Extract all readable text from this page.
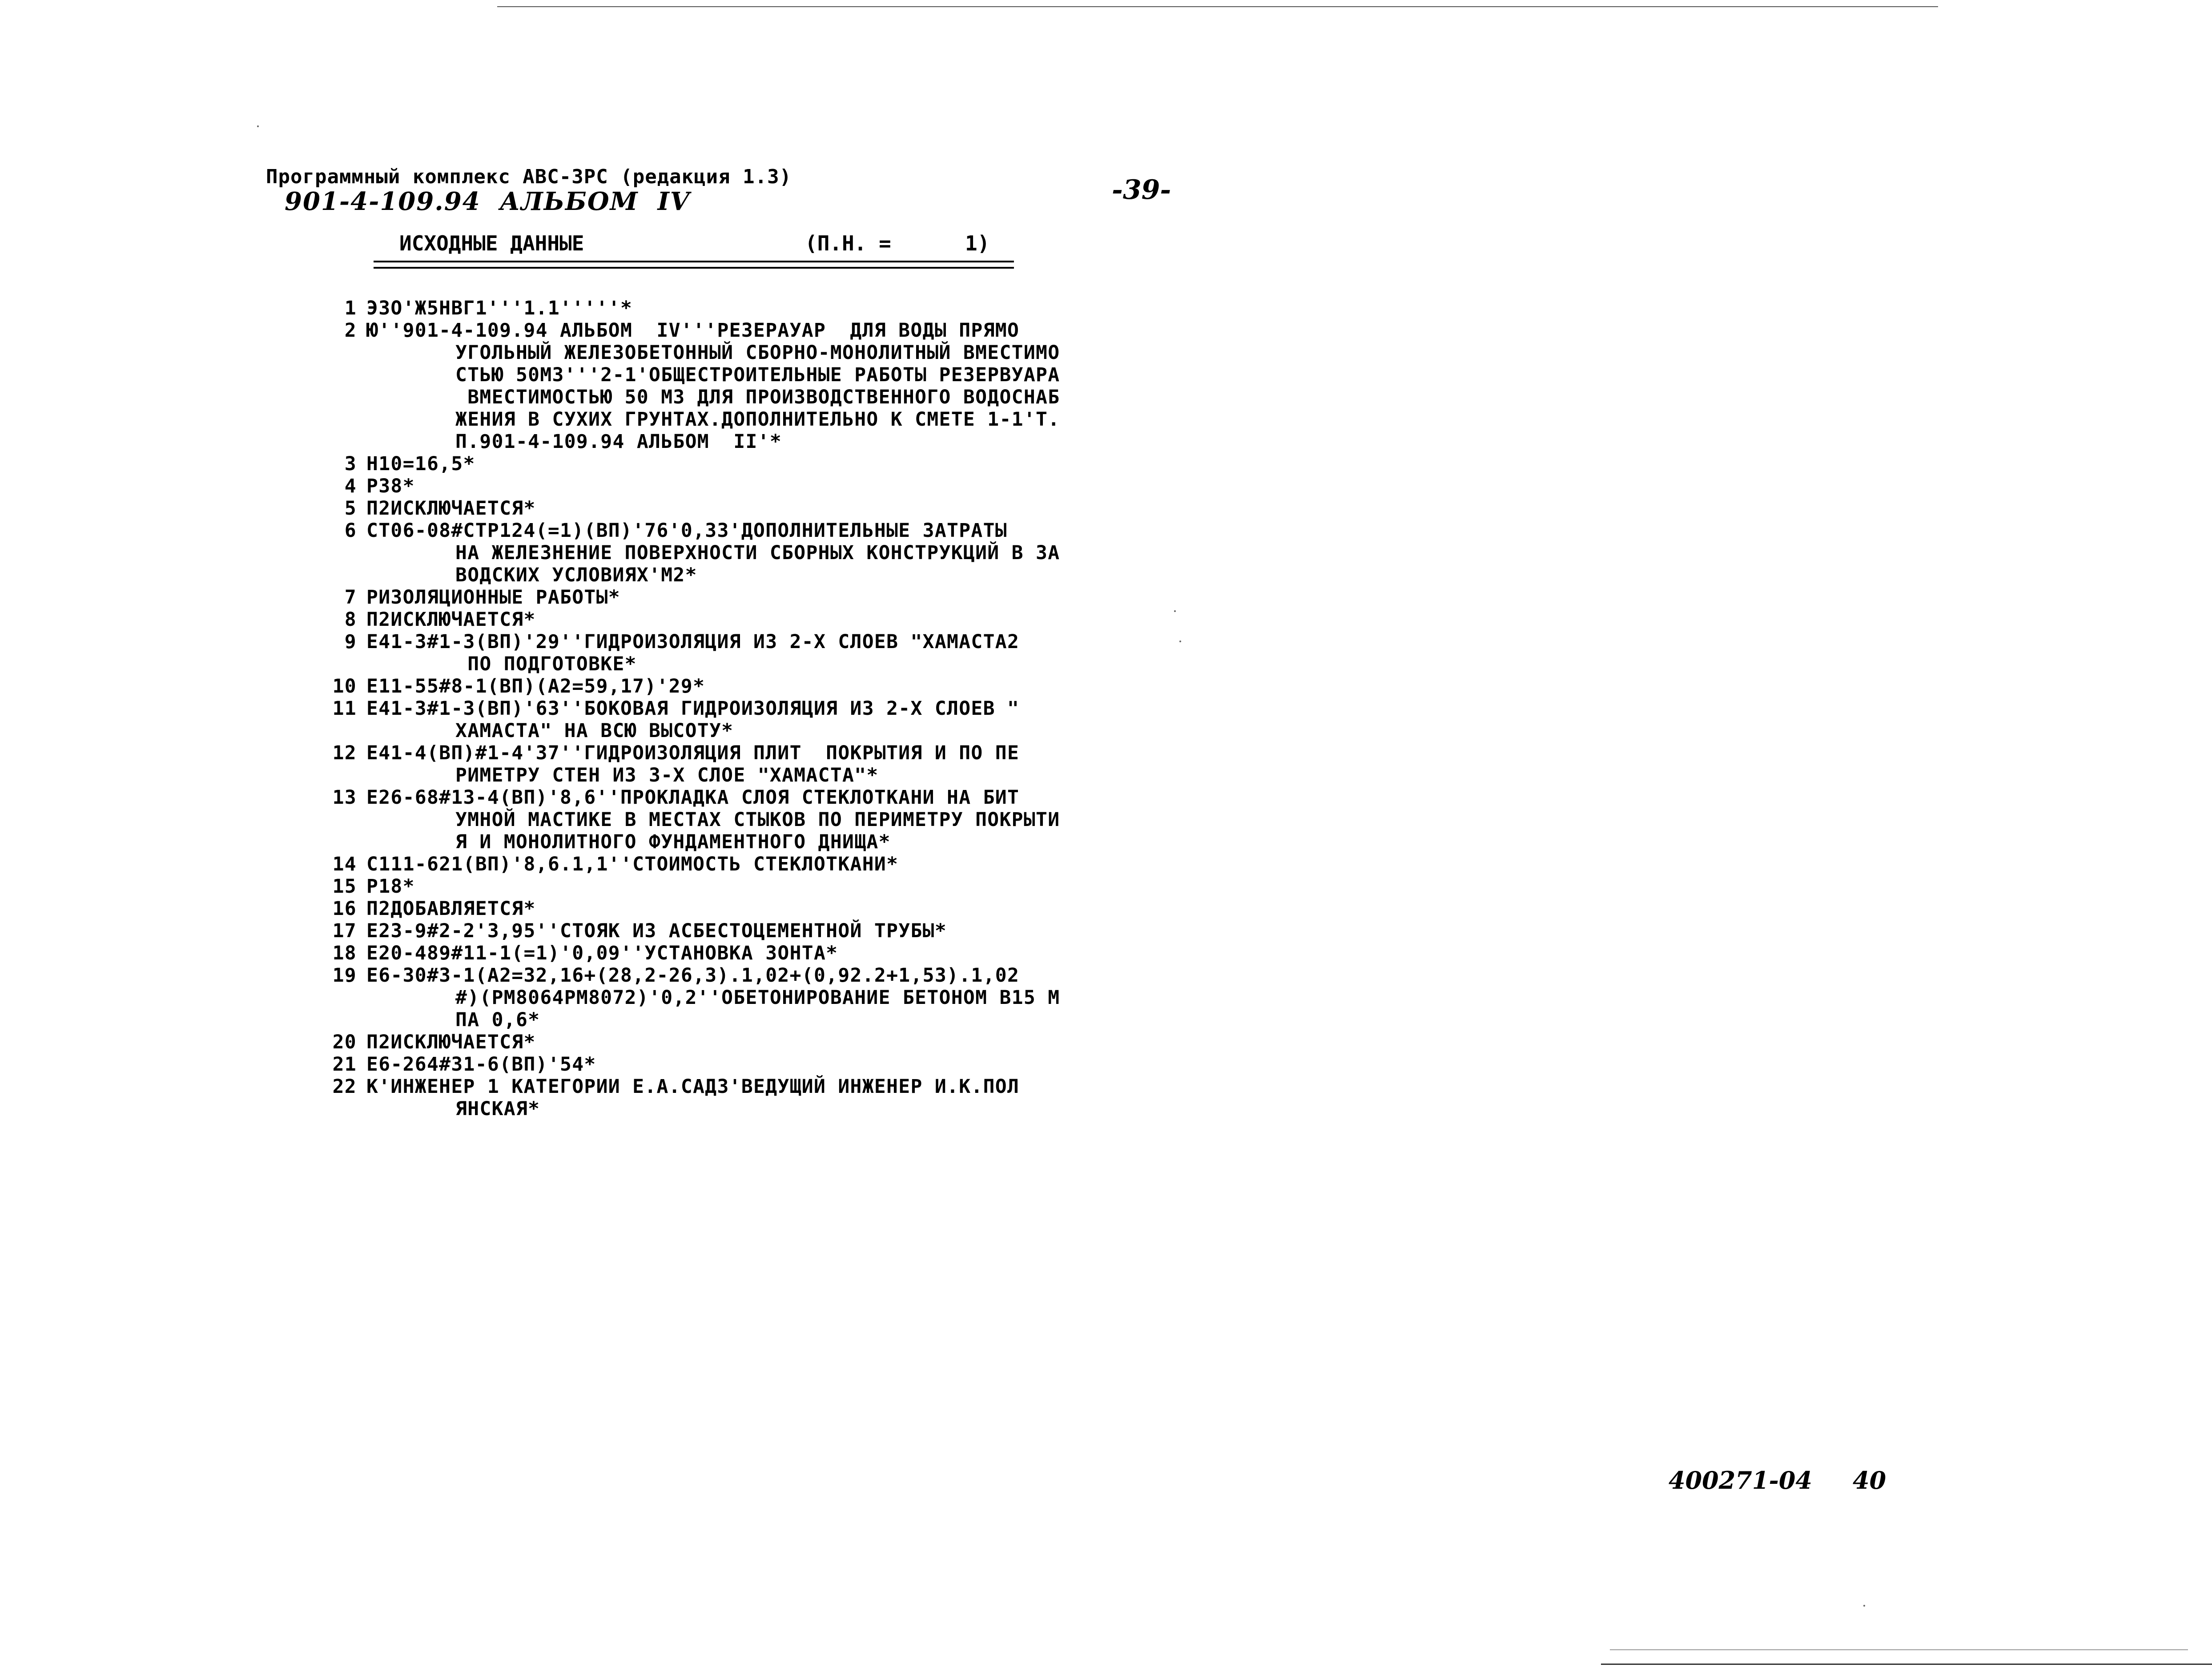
Программный комплекс АВС-3РС (редакция 1.3)
901-4-109.94  АЛЬБОМ  IV	-39-
ИСХОДНЫЕ ДАННЫЕ	(П.Н. =      1)
1 ЭЗО'Ж5НВГ1'''1.1'''''*
2 Ю''901-4-109.94 АЛЬБОМ  IV'''РЕЗЕРАУАР  ДЛЯ ВОДЫ ПРЯМО
УГОЛЬНЫЙ ЖЕЛЕЗОБЕТОННЫЙ СБОРНО-МОНОЛИТНЫЙ ВМЕСТИМО
СТЬЮ 50М3'''2-1'ОБЩЕСТРОИТЕЛЬНЫЕ РАБОТЫ РЕЗЕРВУАРА
ВМЕСТИМОСТЬЮ 50 М3 ДЛЯ ПРОИЗВОДСТВЕННОГО ВОДОСНАБ
ЖЕНИЯ В СУХИХ ГРУНТАХ.ДОПОЛНИТЕЛЬНО К СМЕТЕ 1-1'Т.
П.901-4-109.94 АЛЬБОМ  II'*
3 Н10=16,5*
4 Р38*
5 П2ИСКЛЮЧАЕТСЯ*
6 СТ06-08#СТР124(=1)(ВП)'76'0,33'ДОПОЛНИТЕЛЬНЫЕ ЗАТРАТЫ
НА ЖЕЛЕЗНЕНИЕ ПОВЕРХНОСТИ СБОРНЫХ КОНСТРУКЦИЙ В ЗА
ВОДСКИХ УСЛОВИЯХ'М2*
7 РИЗОЛЯЦИОННЫЕ РАБОТЫ*
8 П2ИСКЛЮЧАЕТСЯ*
9 Е41-3#1-3(ВП)'29''ГИДРОИЗОЛЯЦИЯ ИЗ 2-Х СЛОЕВ "ХАМАСТА2
ПО ПОДГОТОВКЕ*
10 Е11-55#8-1(ВП)(А2=59,17)'29*
11 Е41-3#1-3(ВП)'63''БОКОВАЯ ГИДРОИЗОЛЯЦИЯ ИЗ 2-Х СЛОЕВ "
ХАМАСТА" НА ВСЮ ВЫСОТУ*
12 Е41-4(ВП)#1-4'37''ГИДРОИЗОЛЯЦИЯ ПЛИТ  ПОКРЫТИЯ И ПО ПЕ
РИМЕТРУ СТЕН ИЗ 3-Х СЛОЕ "ХАМАСТА"*
13 Е26-68#13-4(ВП)'8,6''ПРОКЛАДКА СЛОЯ СТЕКЛОТКАНИ НА БИТ
УМНОЙ МАСТИКЕ В МЕСТАХ СТЫКОВ ПО ПЕРИМЕТРУ ПОКРЫТИ
Я И МОНОЛИТНОГО ФУНДАМЕНТНОГО ДНИЩА*
14 С111-621(ВП)'8,6.1,1''СТОИМОСТЬ СТЕКЛОТКАНИ*
15 Р18*
16 П2ДОБАВЛЯЕТСЯ*
17 Е23-9#2-2'3,95''СТОЯК ИЗ АСБЕСТОЦЕМЕНТНОЙ ТРУБЫ*
18 Е20-489#11-1(=1)'0,09''УСТАНОВКА ЗОНТА*
19 Е6-30#3-1(А2=32,16+(28,2-26,3).1,02+(0,92.2+1,53).1,02
#)(РМ8064РМ8072)'0,2''ОБЕТОНИРОВАНИЕ БЕТОНОМ В15 М
ПА 0,6*
20 П2ИСКЛЮЧАЕТСЯ*
21 Е6-264#31-6(ВП)'54*
22 К'ИНЖЕНЕР 1 КАТЕГОРИИ Е.А.САДЗ'ВЕДУЩИЙ ИНЖЕНЕР И.К.ПОЛ
ЯНСКАЯ*
400271-04 40
